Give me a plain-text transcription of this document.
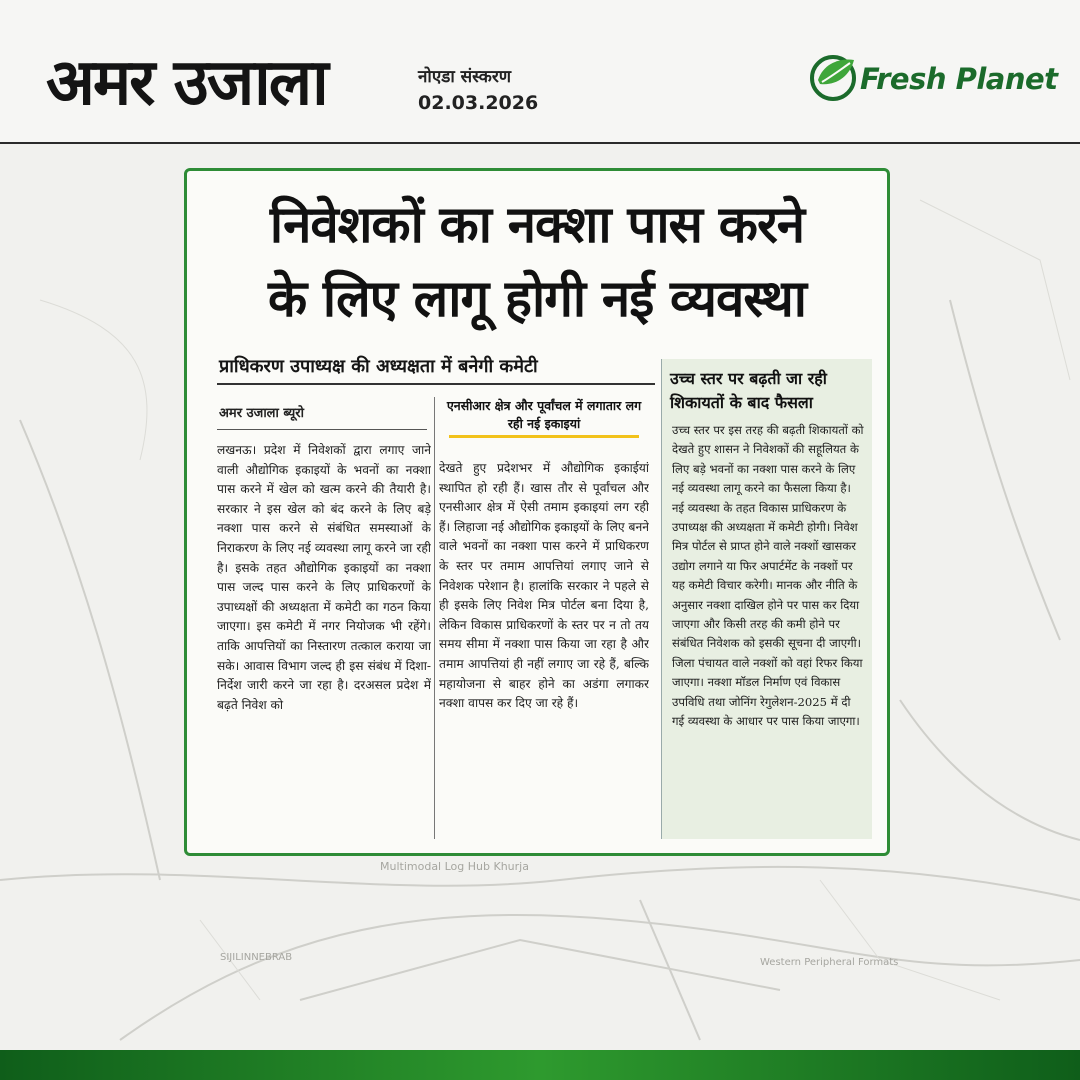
Multimodal Log Hub Khurja
SIJILINNEBRAB	Western Peripheral Formats
अमर उजाला	नोएडा संस्करण
02.03.2026
Fresh Planet
निवेशकों का नक्शा पास करने
के लिए लागू होगी नई व्यवस्था
प्राधिकरण उपाध्यक्ष की अध्यक्षता में बनेगी कमेटी
अमर उजाला ब्यूरो
लखनऊ। प्रदेश में निवेशकों द्वारा लगाए जाने वाली औद्योगिक इकाइयों के भवनों का नक्शा पास करने में खेल को खत्म करने की तैयारी है। सरकार ने इस खेल को बंद करने के लिए बड़े नक्शा पास करने से संबंधित समस्याओं के निराकरण के लिए नई व्यवस्था लागू करने जा रही है। इसके तहत औद्योगिक इकाइयों का नक्शा पास जल्द पास करने के लिए प्राधिकरणों के उपाध्यक्षों की अध्यक्षता में कमेटी का गठन किया जाएगा। इस कमेटी में नगर नियोजक भी रहेंगे। ताकि आपत्तियों का निस्तारण तत्काल कराया जा सके। आवास विभाग जल्द ही इस संबंध में दिशा-निर्देश जारी करने जा रहा है। दरअसल प्रदेश में बढ़ते निवेश को
एनसीआर क्षेत्र और पूर्वांचल में लगातार लग रही नई इकाइयां
देखते हुए प्रदेशभर में औद्योगिक इकाईयां स्थापित हो रही हैं। खास तौर से पूर्वांचल और एनसीआर क्षेत्र में ऐसी तमाम इकाइयां लग रही हैं। लिहाजा नई औद्योगिक इकाइयों के लिए बनने वाले भवनों का नक्शा पास करने में प्राधिकरण के स्तर पर तमाम आपत्तियां लगाए जाने से निवेशक परेशान है। हालांकि सरकार ने पहले से ही इसके लिए निवेश मित्र पोर्टल बना दिया है, लेकिन विकास प्राधिकरणों के स्तर पर न तो तय समय सीमा में नक्शा पास किया जा रहा है और तमाम आपत्तियां ही नहीं लगाए जा रहे हैं, बल्कि महायोजना से बाहर होने का अडंगा लगाकर नक्शा वापस कर दिए जा रहे हैं।
उच्च स्तर पर बढ़ती जा रही शिकायतों के बाद फैसला
उच्च स्तर पर इस तरह की बढ़ती शिकायतों को देखते हुए शासन ने निवेशकों की सहूलियत के लिए बड़े भवनों का नक्शा पास करने के लिए नई व्यवस्था लागू करने का फैसला किया है। नई व्यवस्था के तहत विकास प्राधिकरण के उपाध्यक्ष की अध्यक्षता में कमेटी होगी। निवेश मित्र पोर्टल से प्राप्त होने वाले नक्शों खासकर उद्योग लगाने या फिर अपार्टमेंट के नक्शों पर यह कमेटी विचार करेगी। मानक और नीति के अनुसार नक्शा दाखिल होने पर पास कर दिया जाएगा और किसी तरह की कमी होने पर संबंधित निवेशक को इसकी सूचना दी जाएगी। जिला पंचायत वाले नक्शों को वहां रिफर किया जाएगा। नक्शा मॉडल निर्माण एवं विकास उपविधि तथा जोनिंग रेगुलेशन-2025 में दी गई व्यवस्था के आधार पर पास किया जाएगा।
